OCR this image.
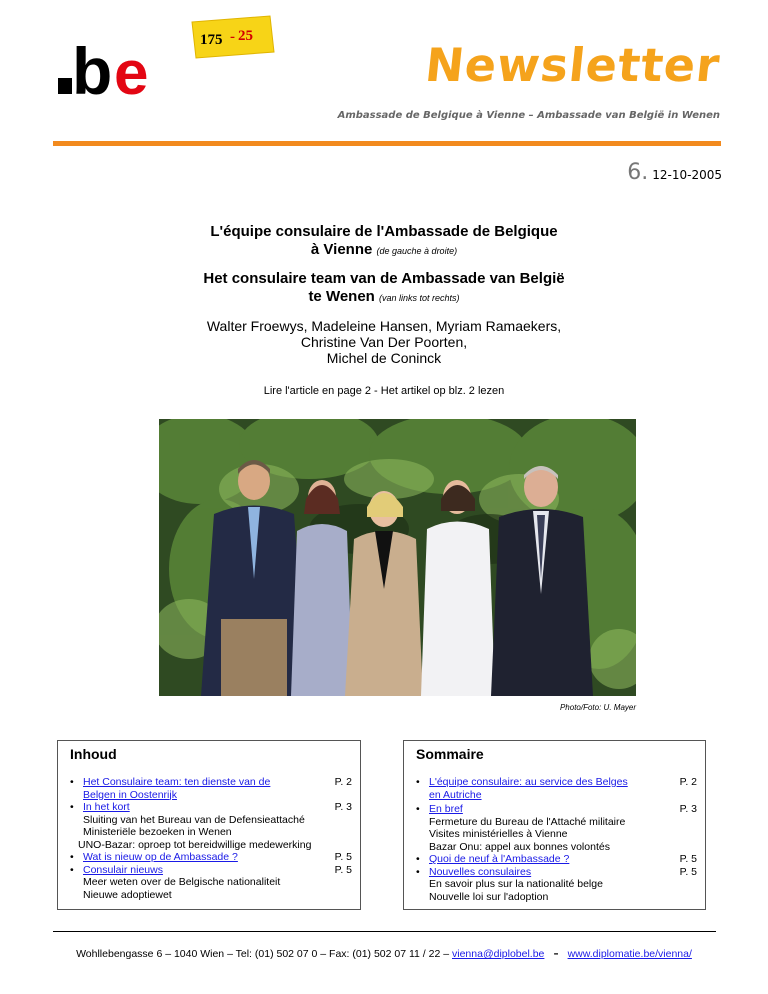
b e	175 - 25
Newsletter
Ambassade de Belgique à Vienne – Ambassade van België in Wenen
6. 12-10-2005
L'équipe consulaire de l'Ambassade de Belgique
à Vienne (de gauche à droite)
Het consulaire team van de Ambassade van België
te Wenen (van links tot rechts)
Walter Froewys, Madeleine Hansen, Myriam Ramaekers,
Christine Van Der Poorten,
Michel de Coninck
Lire l'article en page 2 - Het artikel op blz. 2 lezen
Photo/Foto: U. Mayer
Inhoud
• Het Consulaire team: ten dienste van de
Belgen in Oostenrijk
P. 2
• In het kort	P. 3
Sluiting van het Bureau van de Defensieattaché
Ministeriële bezoeken in Wenen
UNO-Bazar: oproep tot bereidwillige medewerking
• Wat is nieuw op de Ambassade ?	P. 5
• Consulair nieuws	P. 5
Meer weten over de Belgische nationaliteit
Nieuwe adoptiewet
Sommaire
• L'équipe consulaire: au service des Belges
en Autriche
P. 2
• En bref	P. 3
Fermeture du Bureau de l'Attaché militaire
Visites ministérielles à Vienne
Bazar Onu: appel aux bonnes volontés
• Quoi de neuf à l'Ambassade ?	P. 5
• Nouvelles consulaires	P. 5
En savoir plus sur la nationalité belge
Nouvelle loi sur l'adoption
Wohllebengasse 6 – 1040 Wien – Tel: (01) 502 07 0 – Fax: (01) 502 07 11 / 22 – vienna@diplobel.be - www.diplomatie.be/vienna/
